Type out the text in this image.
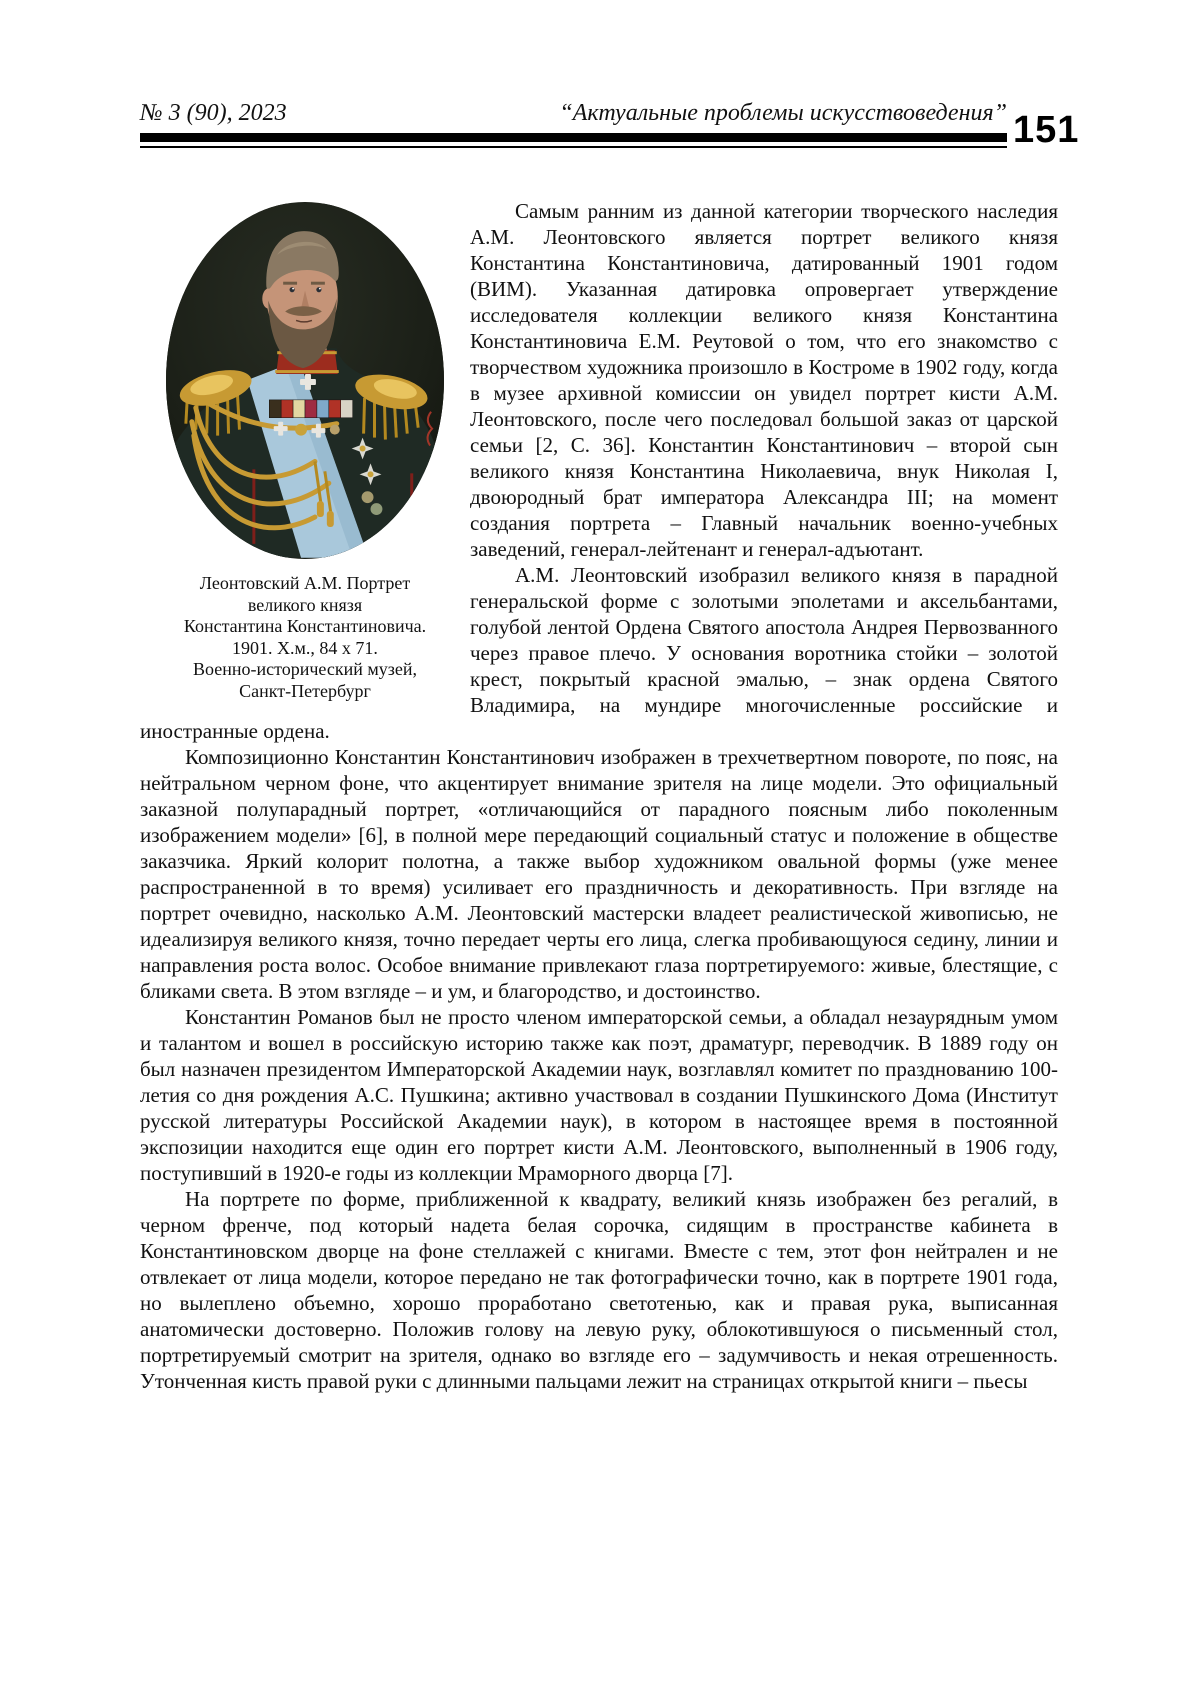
№ 3 (90), 2023	“Актуальные проблемы искусствоведения” 151
Леонтовский А.М. Портрет
великого князя
Константина Константиновича.
1901. Х.м., 84 х 71.
Военно-исторический музей,
Санкт-Петербург

Самым ранним из данной категории творческого наследия А.М. Леонтовского является портрет великого князя Константина Константиновича, датированный 1901 годом (ВИМ). Указанная датировка опровергает утверждение исследователя коллекции великого князя Константина Константиновича Е.М. Реутовой о том, что его знакомство с творчеством художника произошло в Костроме в 1902 году, когда в музее архивной комиссии он увидел портрет кисти А.М. Леонтовского, после чего последовал большой заказ от царской семьи [2, С. 36]. Константин Константинович – второй сын великого князя Константина Николаевича, внук Николая I, двоюродный брат императора Александра III; на момент создания портрета – Главный начальник военно-учебных заведений, генерал-лейтенант и генерал-адъютант.

А.М. Леонтовский изобразил великого князя в парадной генеральской форме с золотыми эполетами и аксельбантами, голубой лентой Ордена Святого апостола Андрея Первозванного через правое плечо. У основания воротника стойки – золотой крест, покрытый красной эмалью, – знак ордена Святого Владимира, на мундире многочисленные российские и иностранные ордена.

Композиционно Константин Константинович изображен в трехчетвертном повороте, по пояс, на нейтральном черном фоне, что акцентирует внимание зрителя на лице модели. Это официальный заказной полупарадный портрет, «отличающийся от парадного поясным либо поколенным изображением модели» [6], в полной мере передающий социальный статус и положение в обществе заказчика. Яркий колорит полотна, а также выбор художником овальной формы (уже менее распространенной в то время) усиливает его праздничность и декоративность. При взгляде на портрет очевидно, насколько А.М. Леонтовский мастерски владеет реалистической живописью, не идеализируя великого князя, точно передает черты его лица, слегка пробивающуюся седину, линии и направления роста волос. Особое внимание привлекают глаза портретируемого: живые, блестящие, с бликами света. В этом взгляде – и ум, и благородство, и достоинство.

Константин Романов был не просто членом императорской семьи, а обладал незаурядным умом и талантом и вошел в российскую историю также как поэт, драматург, переводчик. В 1889 году он был назначен президентом Императорской Академии наук, возглавлял комитет по празднованию 100-летия со дня рождения А.С. Пушкина; активно участвовал в создании Пушкинского Дома (Институт русской литературы Российской Академии наук), в котором в настоящее время в постоянной экспозиции находится еще один его портрет кисти А.М. Леонтовского, выполненный в 1906 году, поступивший в 1920-е годы из коллекции Мраморного дворца [7].

На портрете по форме, приближенной к квадрату, великий князь изображен без регалий, в черном френче, под который надета белая сорочка, сидящим в пространстве кабинета в Константиновском дворце на фоне стеллажей с книгами. Вместе с тем, этот фон нейтрален и не отвлекает от лица модели, которое передано не так фотографически точно, как в портрете 1901 года, но вылеплено объемно, хорошо проработано светотенью, как и правая рука, выписанная анатомически достоверно. Положив голову на левую руку, облокотившуюся о письменный стол, портретируемый смотрит на зрителя, однако во взгляде его – задумчивость и некая отрешенность. Утонченная кисть правой руки с длинными пальцами лежит на страницах открытой книги – пьесы
